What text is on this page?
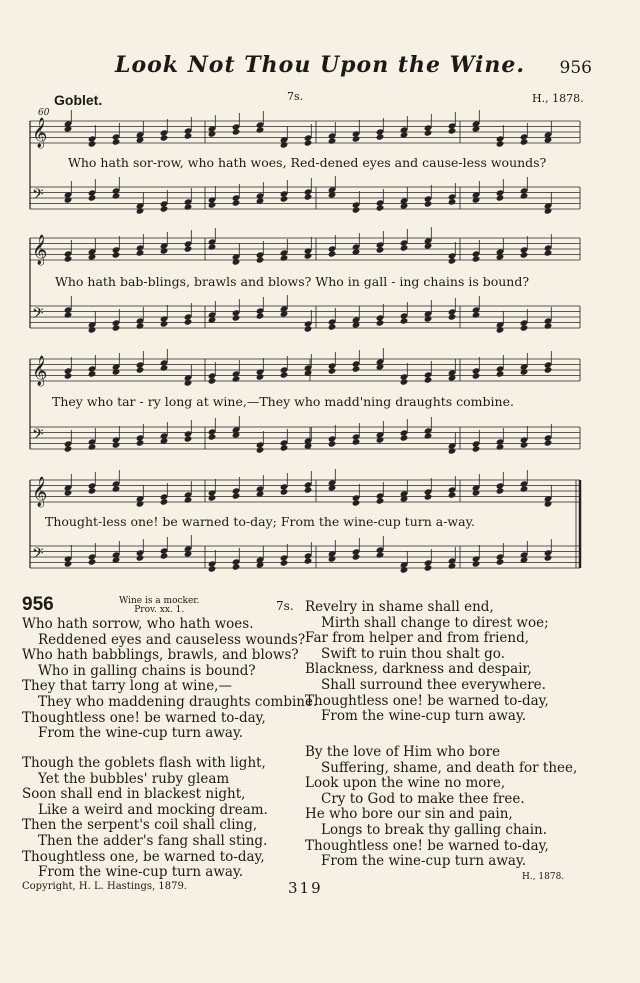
Look Not Thou Upon the Wine.	956
Goblet.	7s.	H., 1878.
60
𝄞
𝄢
𝄞
𝄢
𝄞
𝄢
𝄞
𝄢
Who hath sor-row, who hath woes, Red-dened eyes and cause-less wounds?
Who hath bab-blings, brawls and blows? Who in gall - ing chains is bound?
They who tar - ry long at wine,—They who madd'ning draughts combine.
Thought-less one! be warned to-day; From the wine-cup turn a-way.
956	Wine is a mocker.
Prov. xx. 1.	7s.
Who hath sorrow, who hath woes.
Reddened eyes and causeless wounds?
Who hath babblings, brawls, and blows?
Who in galling chains is bound?
They that tarry long at wine,—
They who maddening draughts combine.
Thoughtless one! be warned to-day,
From the wine-cup turn away.
Though the goblets flash with light,
Yet the bubbles' ruby gleam
Soon shall end in blackest night,
Like a weird and mocking dream.
Then the serpent's coil shall cling,
Then the adder's fang shall sting.
Thoughtless one, be warned to-day,
From the wine-cup turn away.
Revelry in shame shall end,
Mirth shall change to direst woe;
Far from helper and from friend,
Swift to ruin thou shalt go.
Blackness, darkness and despair,
Shall surround thee everywhere.
Thoughtless one! be warned to-day,
From the wine-cup turn away.
By the love of Him who bore
Suffering, shame, and death for thee,
Look upon the wine no more,
Cry to God to make thee free.
He who bore our sin and pain,
Longs to break thy galling chain.
Thoughtless one! be warned to-day,
From the wine-cup turn away.
H., 1878.
Copyright, H. L. Hastings, 1879.	319
